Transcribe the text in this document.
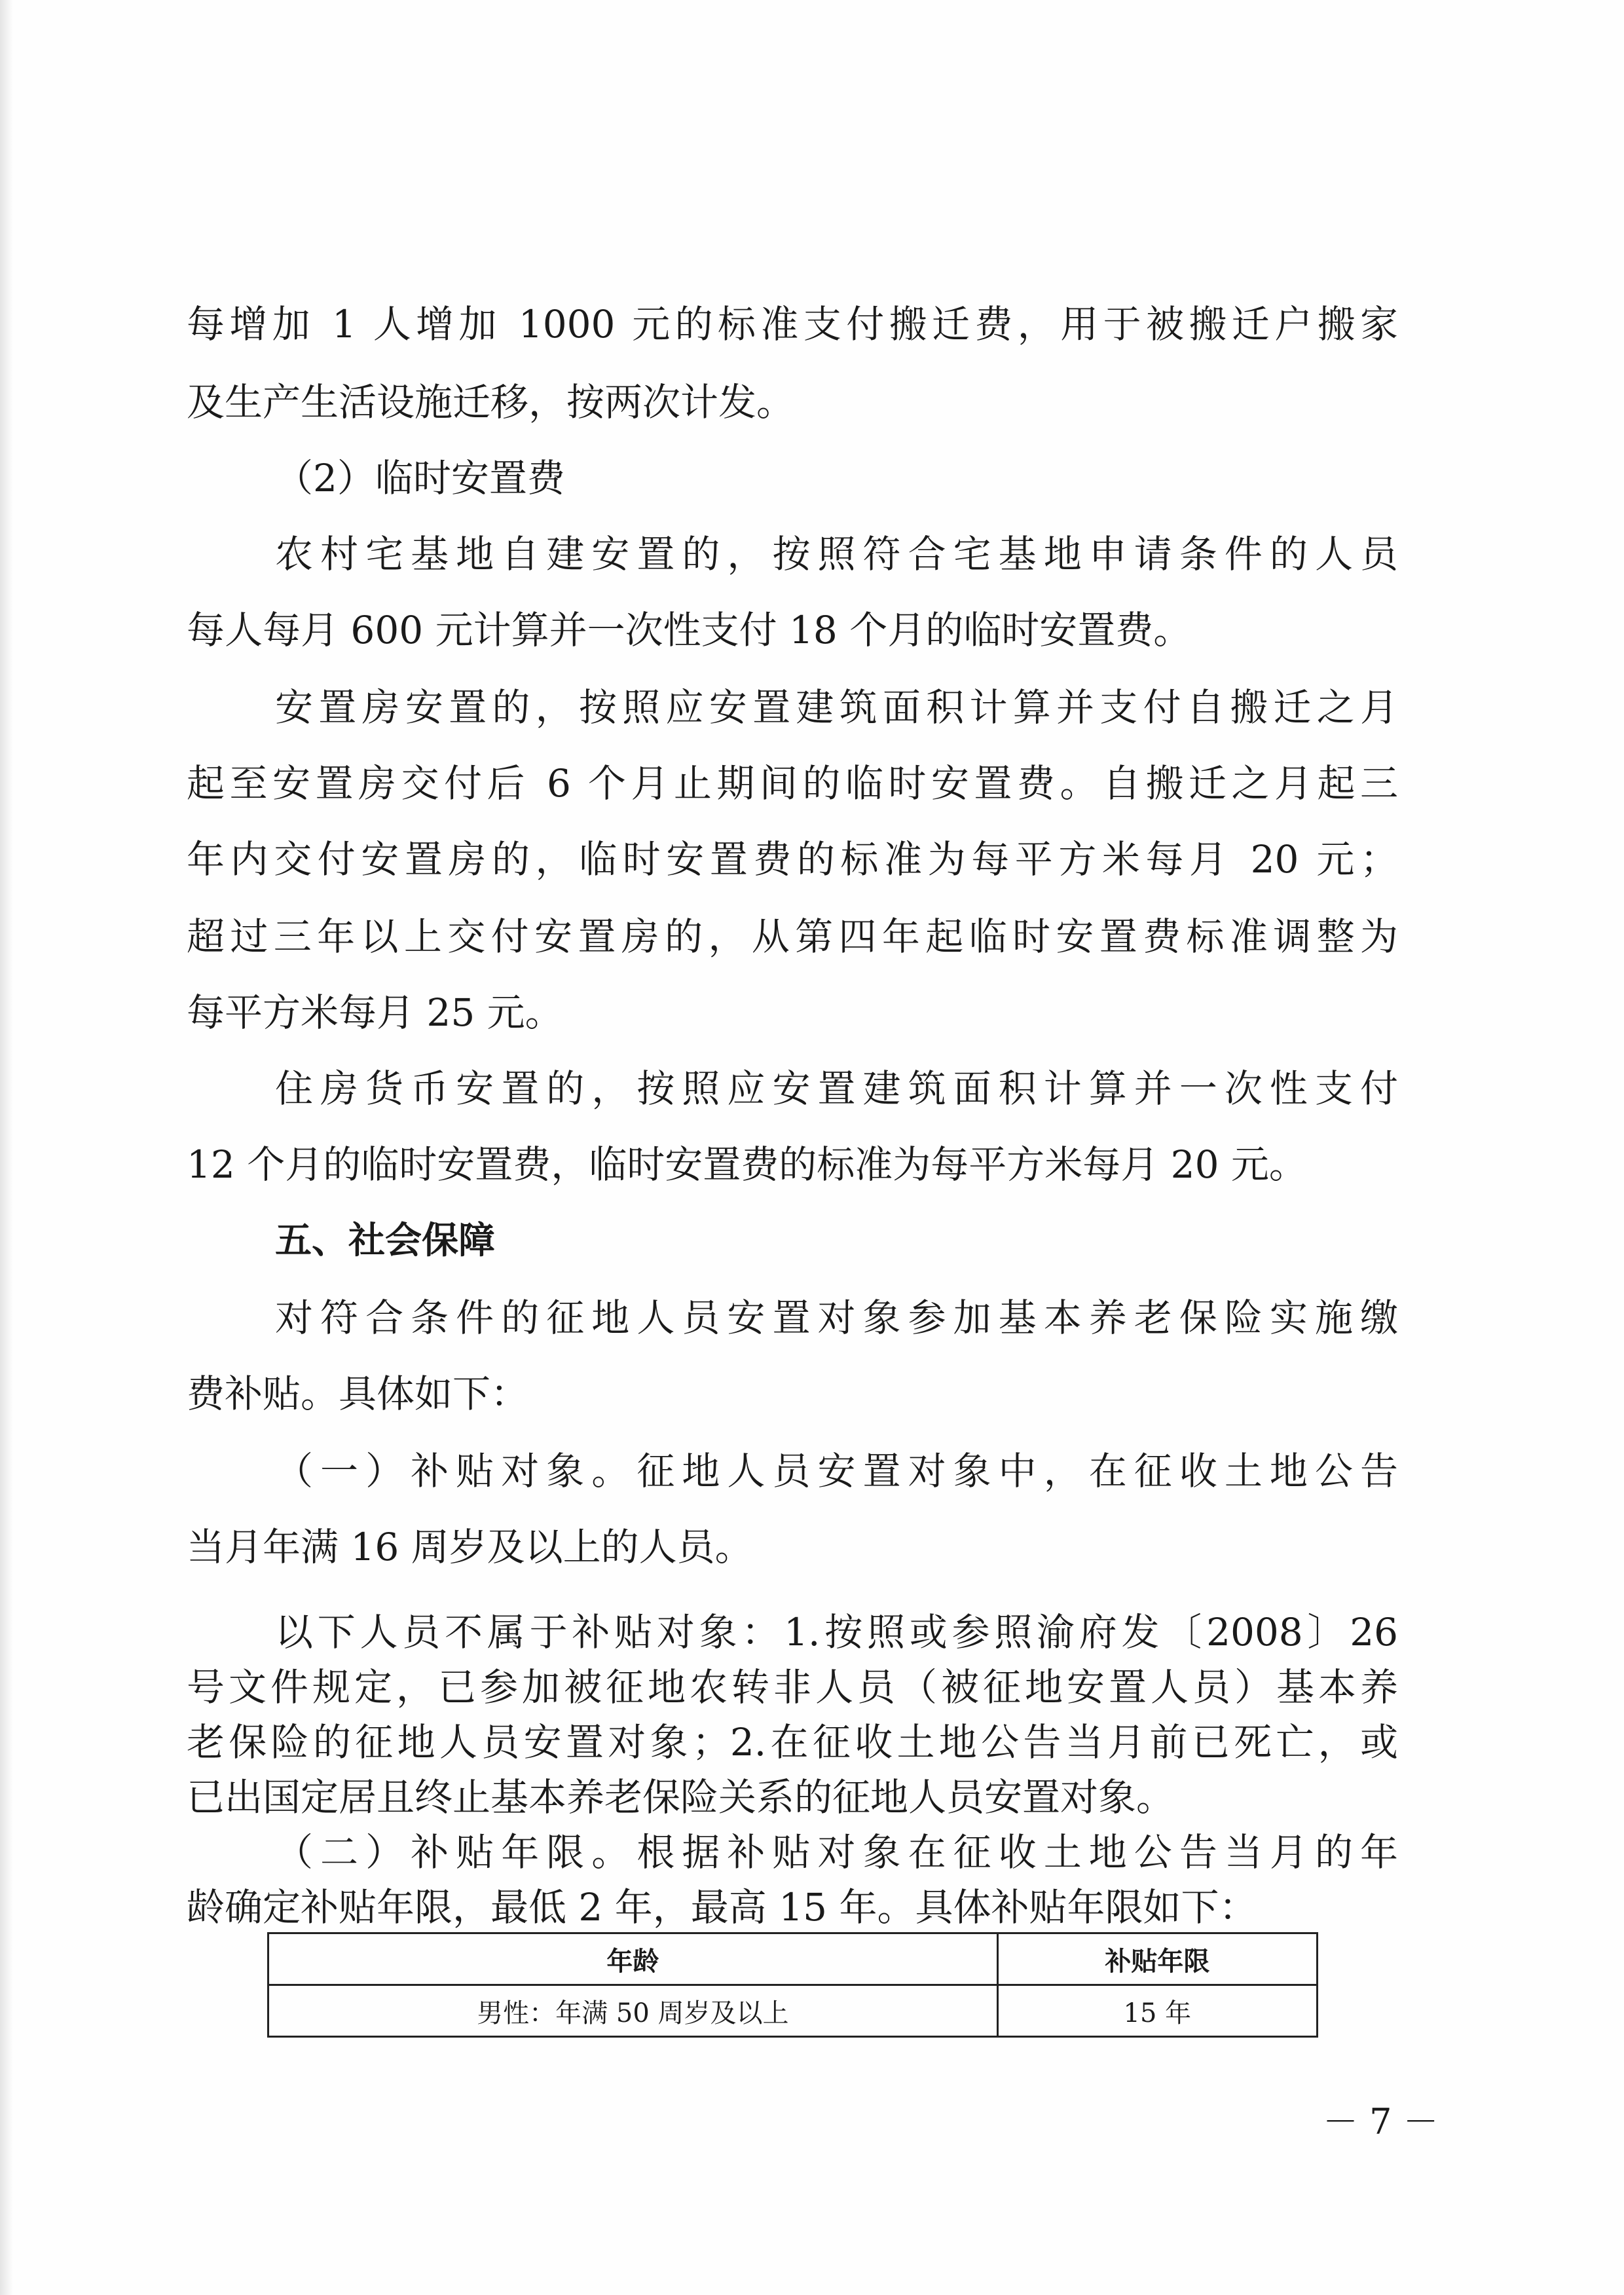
每增加 1 人增加 1000 元的标准支付搬迁费，用于被搬迁户搬家
及生产生活设施迁移，按两次计发。
（2）临时安置费
农村宅基地自建安置的，按照符合宅基地申请条件的人员
每人每月 600 元计算并一次性支付 18 个月的临时安置费。
安置房安置的，按照应安置建筑面积计算并支付自搬迁之月
起至安置房交付后 6 个月止期间的临时安置费。自搬迁之月起三
年内交付安置房的，临时安置费的标准为每平方米每月 20 元；
超过三年以上交付安置房的，从第四年起临时安置费标准调整为
每平方米每月 25 元。
住房货币安置的，按照应安置建筑面积计算并一次性支付
12 个月的临时安置费，临时安置费的标准为每平方米每月 20 元。
五、社会保障
对符合条件的征地人员安置对象参加基本养老保险实施缴
费补贴。具体如下：
（一）补贴对象。征地人员安置对象中，在征收土地公告
当月年满 16 周岁及以上的人员。
以下人员不属于补贴对象：1.按照或参照渝府发〔2008〕26
号文件规定，已参加被征地农转非人员（被征地安置人员）基本养
老保险的征地人员安置对象；2.在征收土地公告当月前已死亡，或
已出国定居且终止基本养老保险关系的征地人员安置对象。
年龄	补贴年限
男性：年满 50 周岁及以上	15 年
－ 7 －
（二）补贴年限。根据补贴对象在征收土地公告当月的年
龄确定补贴年限，最低 2 年，最高 15 年。具体补贴年限如下：
